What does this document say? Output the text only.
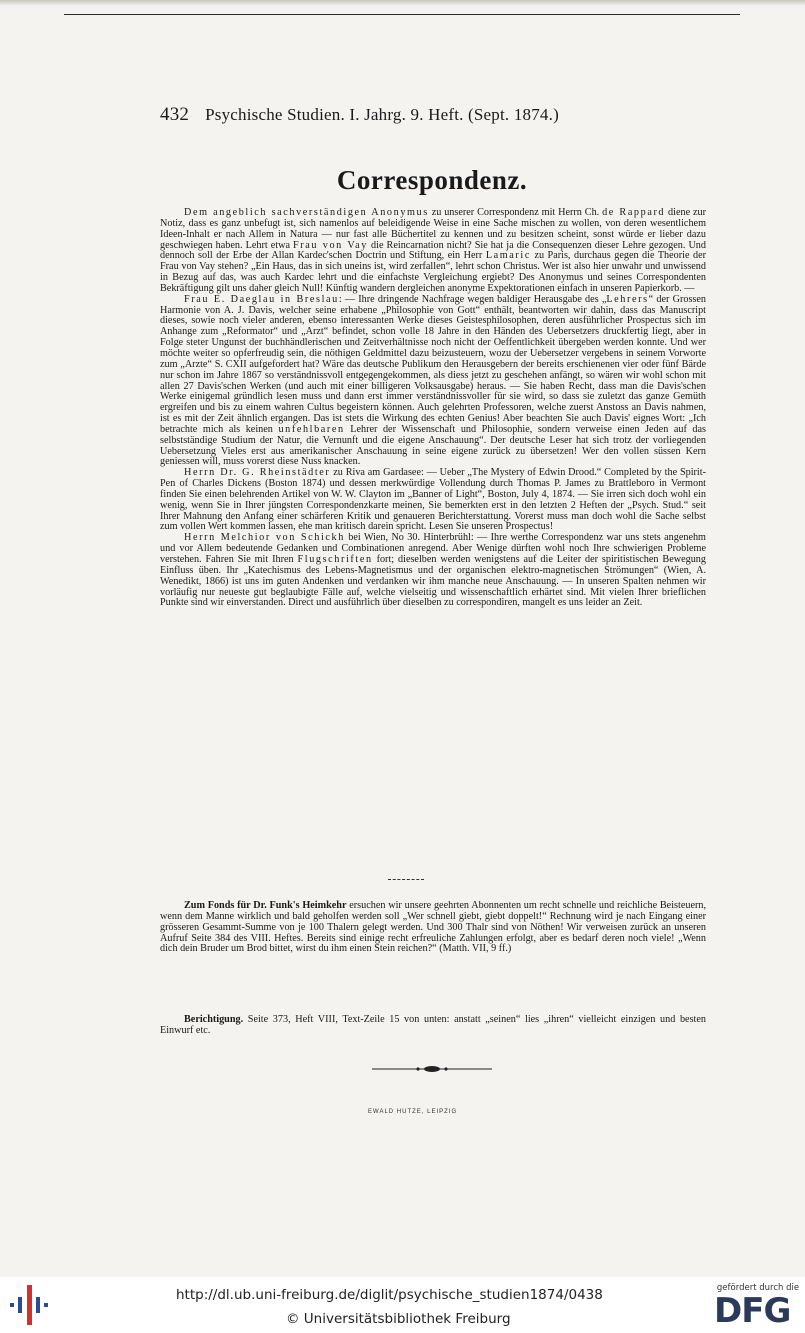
432 Psychische Studien. I. Jahrg. 9. Heft. (Sept. 1874.)
Correspondenz.

Dem angeblich sachverständigen Anonymus zu unserer Correspondenz mit Herrn Ch. de Rappard diene zur Notiz, dass es ganz unbefugt ist, sich namenlos auf beleidigende Weise in eine Sache mischen zu wollen, von deren wesentlichem Ideen-Inhalt er nach Allem in Natura — nur fast alle Büchertitel zu kennen und zu besitzen scheint, sonst würde er lieber dazu geschwiegen haben. Lehrt etwa Frau von Vay die Reincarnation nicht? Sie hat ja die Consequenzen dieser Lehre gezogen. Und dennoch soll der Erbe der Allan Kardec'schen Doctrin und Stiftung, ein Herr Lamaric zu Paris, durchaus gegen die Theorie der Frau von Vay stehen? „Ein Haus, das in sich uneins ist, wird zerfallen“, lehrt schon Christus. Wer ist also hier unwahr und unwissend in Bezug auf das, was auch Kardec lehrt und die einfachste Vergleichung ergiebt? Des Anonymus und seines Correspondenten Bekräftigung gilt uns daher gleich Null! Künftig wandern dergleichen anonyme Expektorationen einfach in unseren Papierkorb. —

Frau E. Daeglau in Breslau: — Ihre dringende Nachfrage wegen baldiger Herausgabe des „Lehrers“ der Grossen Harmonie von A. J. Davis, welcher seine erhabene „Philosophie von Gott“ enthält, beantworten wir dahin, dass das Manuscript dieses, sowie noch vieler anderen, ebenso interessanten Werke dieses Geistesphilosophen, deren ausführlicher Prospectus sich im Anhange zum „Reformator“ und „Arzt“ befindet, schon volle 18 Jahre in den Händen des Uebersetzers druckfertig liegt, aber in Folge steter Ungunst der buchhändlerischen und Zeitverhältnisse noch nicht der Oeffentlichkeit übergeben werden konnte. Und wer möchte weiter so opferfreudig sein, die nöthigen Geldmittel dazu beizusteuern, wozu der Uebersetzer vergebens in seinem Vorworte zum „Arzte“ S. CXII aufgefordert hat? Wäre das deutsche Publikum den Herausgebern der bereits erschienenen vier oder fünf Bärde nur schon im Jahre 1867 so verständnissvoll entgegengekommen, als diess jetzt zu geschehen anfängt, so wären wir wohl schon mit allen 27 Davis'schen Werken (und auch mit einer billigeren Volksausgabe) heraus. — Sie haben Recht, dass man die Davis'schen Werke einigemal gründlich lesen muss und dann erst immer verständnissvoller für sie wird, so dass sie zuletzt das ganze Gemüth ergreifen und bis zu einem wahren Cultus begeistern können. Auch gelehrten Professoren, welche zuerst Anstoss an Davis nahmen, ist es mit der Zeit ähnlich ergangen. Das ist stets die Wirkung des echten Genius! Aber beachten Sie auch Davis' eignes Wort: „Ich betrachte mich als keinen unfehlbaren Lehrer der Wissenschaft und Philosophie, sondern verweise einen Jeden auf das selbstständige Studium der Natur, die Vernunft und die eigene Anschauung“. Der deutsche Leser hat sich trotz der vorliegenden Uebersetzung Vieles erst aus amerikanischer Anschauung in seine eigene zurück zu übersetzen! Wer den vollen süssen Kern geniessen will, muss vorerst diese Nuss knacken.

Herrn Dr. G. Rheinstädter zu Riva am Gardasee: — Ueber „The Mystery of Edwin Drood.“ Completed by the Spirit- Pen of Charles Dickens (Boston 1874) und dessen merkwürdige Vollendung durch Thomas P. James zu Brattleboro in Vermont finden Sie einen belehrenden Artikel von W. W. Clayton im „Banner of Light“, Boston, July 4, 1874. — Sie irren sich doch wohl ein wenig, wenn Sie in Ihrer jüngsten Correspondenzkarte meinen, Sie bemerkten erst in den letzten 2 Heften der „Psych. Stud.“ seit Ihrer Mahnung den Anfang einer schärferen Kritik und genaueren Berichterstattung. Vorerst muss man doch wohl die Sache selbst zum vollen Wert kommen lassen, ehe man kritisch darein spricht. Lesen Sie unseren Prospectus!

Herrn Melchior von Schickh bei Wien, No 30. Hinterbrühl: — Ihre werthe Correspondenz war uns stets angenehm und vor Allem bedeutende Gedanken und Combinationen anregend. Aber Wenige dürften wohl noch Ihre schwierigen Probleme verstehen. Fahren Sie mit Ihren Flugschriften fort; dieselben werden wenigstens auf die Leiter der spiritistischen Bewegung Einfluss üben. Ihr „Katechismus des Lebens-Magnetismus und der organischen elektro-magnetischen Strömungen“ (Wien, A. Wenedikt, 1866) ist uns im guten Andenken und verdanken wir ihm manche neue Anschauung. — In unseren Spalten nehmen wir vorläufig nur neueste gut beglaubigte Fälle auf, welche vielseitig und wissenschaftlich erhärtet sind. Mit vielen Ihrer brieflichen Punkte sind wir einverstanden. Direct und ausführlich über dieselben zu correspondiren, mangelt es uns leider an Zeit.

Zum Fonds für Dr. Funk's Heimkehr ersuchen wir unsere geehrten Abonnenten um recht schnelle und reichliche Beisteuern, wenn dem Manne wirklich und bald geholfen werden soll „Wer schnell giebt, giebt doppelt!“ Rechnung wird je nach Eingang einer grösseren Gesammt-Summe von je 100 Thalern gelegt werden. Und 300 Thalr sind von Nöthen! Wir verweisen zurück an unseren Aufruf Seite 384 des VIII. Heftes. Bereits sind einige recht erfreuliche Zahlungen erfolgt, aber es bedarf deren noch viele! „Wenn dich dein Bruder um Brod bittet, wirst du ihm einen Stein reichen?“ (Matth. VII, 9 ff.)

Berichtigung. Seite 373, Heft VIII, Text-Zeile 15 von unten: anstatt „seinen“ lies „ihren“ vielleicht einzigen und besten Einwurf etc.

EWALD HUTZE, LEIPZIG
http://dl.ub.uni-freiburg.de/diglit/psychische_studien1874/0438
© Universitätsbibliothek Freiburg
gefördert durch die
DFG
